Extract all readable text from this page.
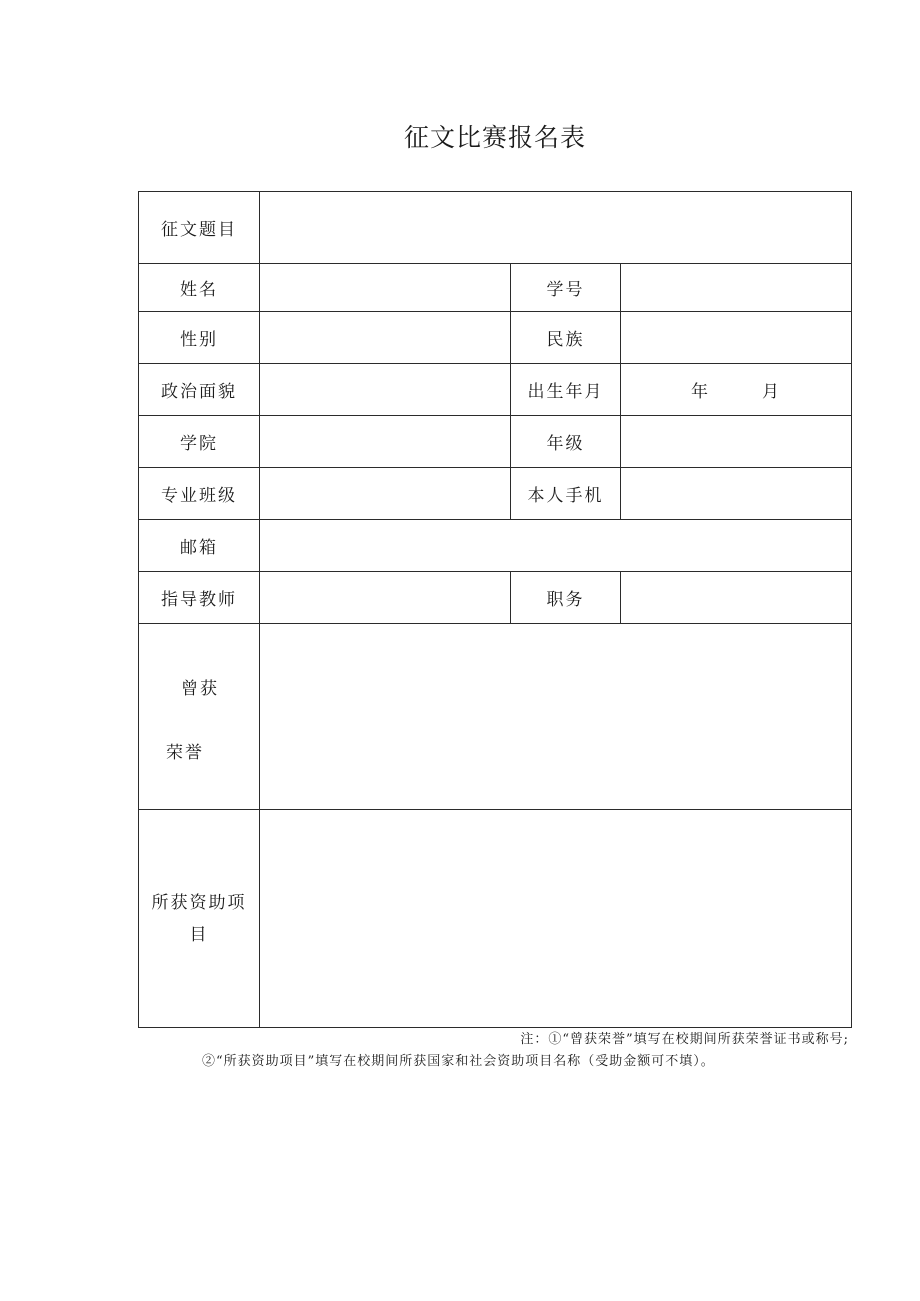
征文比赛报名表
征文题目			
姓名		学号	
性别		民族	
政治面貌		出生年月	年 月
学院		年级	
专业班级		本人手机	
邮箱			
指导教师		职务	

曾获
荣誉			

所获资助项目			
注：①“曾获荣誉”填写在校期间所获荣誉证书或称号;
②“所获资助项目”填写在校期间所获国家和社会资助项目名称（受助金额可不填）。
